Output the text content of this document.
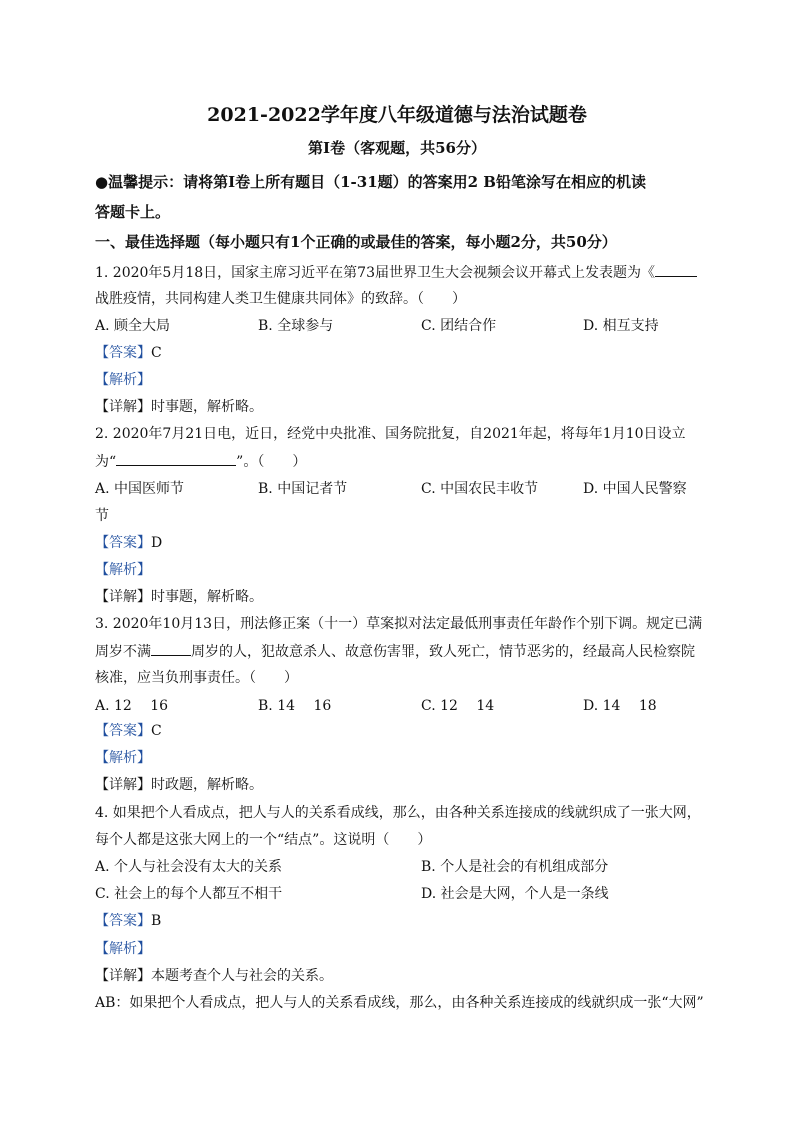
2021-2022学年度八年级道德与法治试题卷
第Ⅰ卷（客观题，共56分）
●温馨提示：请将第Ⅰ卷上所有题目（1-31题）的答案用2 B铅笔涂写在相应的机读
答题卡上。
一、最佳选择题（每小题只有1个正确的或最佳的答案，每小题2分，共50分）
1. 2020年5月18日，国家主席习近平在第73届世界卫生大会视频会议开幕式上发表题为《
战胜疫情，共同构建人类卫生健康共同体》的致辞。（　　）
A. 顾全大局	B. 全球参与	C. 团结合作	D. 相互支持
【答案】C
【解析】
【详解】时事题，解析略。
2. 2020年7月21日电，近日，经党中央批准、国务院批复，自2021年起，将每年1月10日设立
为“	”。（　　）
A. 中国医师节	B. 中国记者节	C. 中国农民丰收节	D. 中国人民警察
节
【答案】D
【解析】
【详解】时事题，解析略。
3. 2020年10月13日，刑法修正案（十一）草案拟对法定最低刑事责任年龄作个别下调。规定已满
周岁不满	周岁的人，犯故意杀人、故意伤害罪，致人死亡，情节恶劣的，经最高人民检察院
核准，应当负刑事责任。（　　）
A. 12　 16	B. 14　 16	C. 12　 14	D. 14　 18
【答案】C
【解析】
【详解】时政题，解析略。
4. 如果把个人看成点，把人与人的关系看成线，那么，由各种关系连接成的线就织成了一张大网，
每个人都是这张大网上的一个“结点”。这说明（　　）
A. 个人与社会没有太大的关系	B. 个人是社会的有机组成部分
C. 社会上的每个人都互不相干	D. 社会是大网，个人是一条线
【答案】B
【解析】
【详解】本题考查个人与社会的关系。
AB：如果把个人看成点，把人与人的关系看成线，那么，由各种关系连接成的线就织成一张“大网”
